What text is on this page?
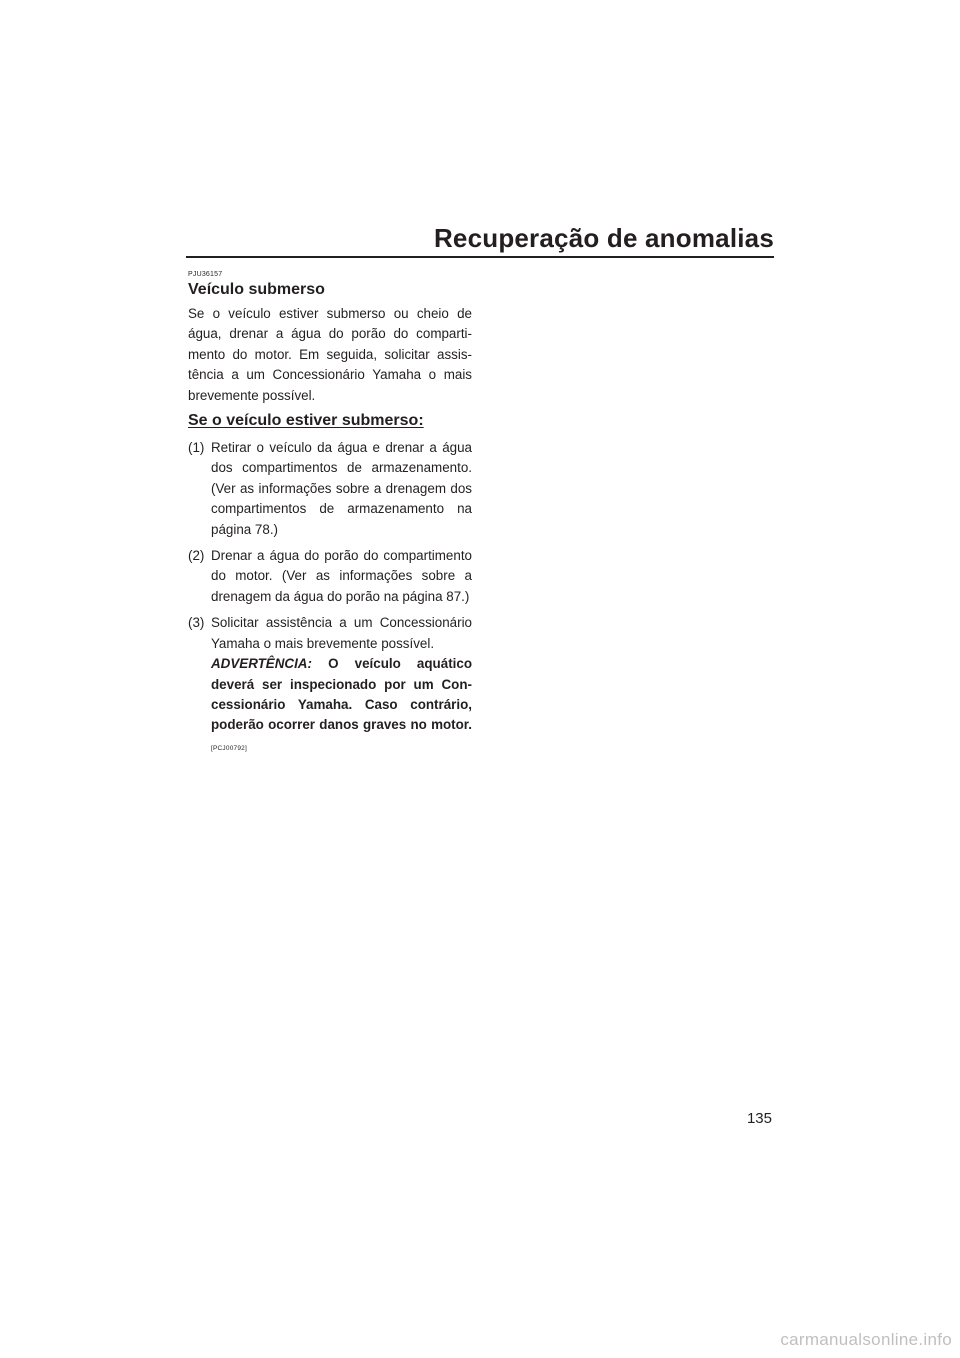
Recuperação de anomalias

PJU36157

Veículo submerso

Se o veículo estiver submerso ou cheio de água, drenar a água do porão do compartimento do motor. Em seguida, solicitar assistência a um Concessionário Yamaha o mais brevemente possível.

Se o veículo estiver submerso:
(1) Retirar o veículo da água e drenar a água dos compartimentos de armazenamento. (Ver as informações sobre a drenagem dos compartimentos de armazenamento na página 78.)
(2) Drenar a água do porão do compartimento do motor. (Ver as informações sobre a drenagem da água do porão na página 87.)
(3) Solicitar assistência a um Concessionário Yamaha o mais brevemente possível.
ADVERTÊNCIA: O veículo aquático deverá ser inspecionado por um Concessionário Yamaha. Caso contrário, poderão ocorrer danos graves no motor. [PCJ00792]
135
carmanualsonline.info
